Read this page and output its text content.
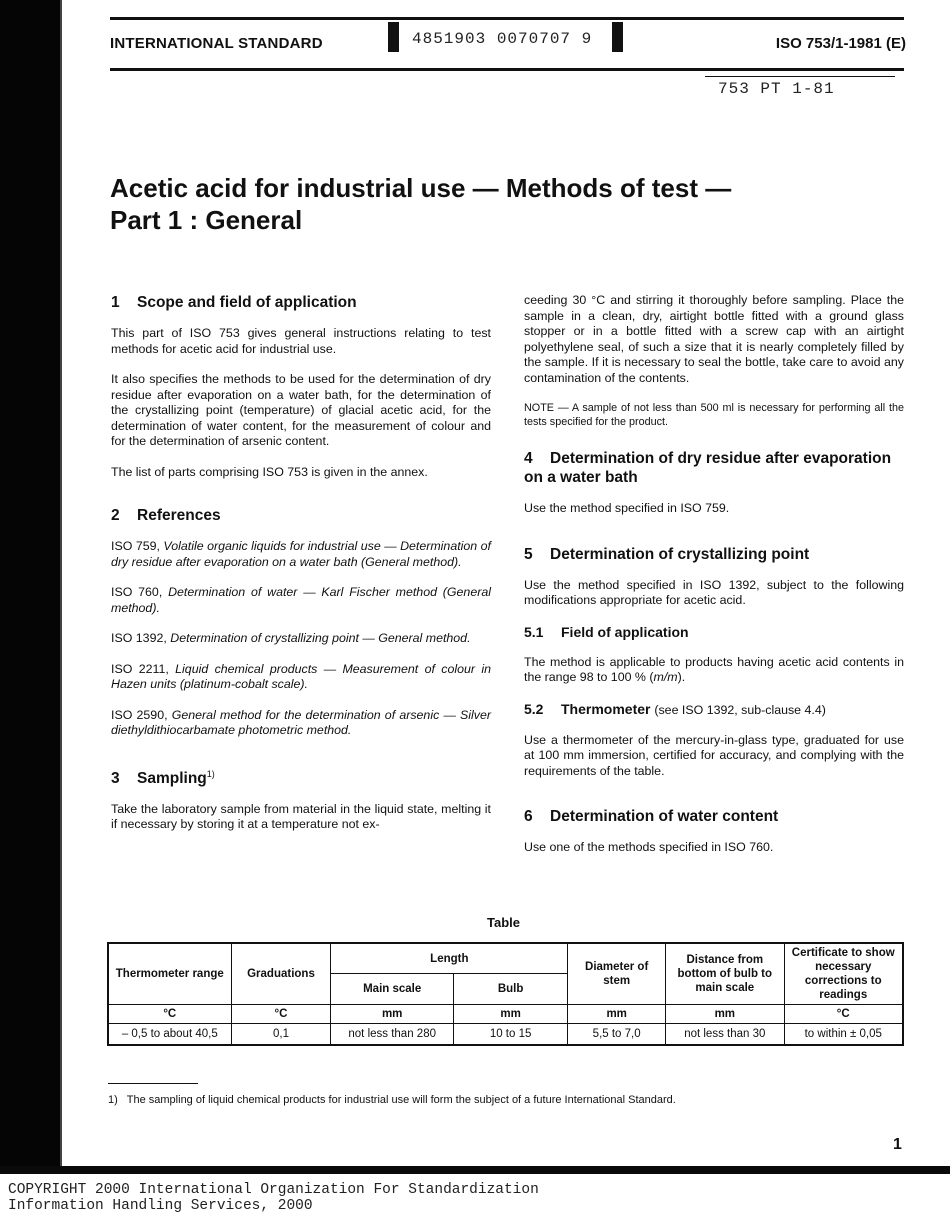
INTERNATIONAL STANDARD	4851903 0070707 9	ISO 753/1-1981 (E)
753 PT 1-81
Acetic acid for industrial use — Methods of test —
Part 1 : General
1 Scope and field of application

This part of ISO 753 gives general instructions relating to test methods for acetic acid for industrial use.

It also specifies the methods to be used for the determination of dry residue after evaporation on a water bath, for the determination of the crystallizing point (temperature) of glacial acetic acid, for the determination of water content, for the measurement of colour and for the determination of arsenic content.

The list of parts comprising ISO 753 is given in the annex.

2 References

ISO 759, Volatile organic liquids for industrial use — Determination of dry residue after evaporation on a water bath (General method).

ISO 760, Determination of water — Karl Fischer method (General method).

ISO 1392, Determination of crystallizing point — General method.

ISO 2211, Liquid chemical products — Measurement of colour in Hazen units (platinum-cobalt scale).

ISO 2590, General method for the determination of arsenic — Silver diethyldithiocarbamate photometric method.

3 Sampling$^{1)}$

Take the laboratory sample from material in the liquid state, melting it if necessary by storing it at a temperature not ex-

ceeding 30 °C and stirring it thoroughly before sampling. Place the sample in a clean, dry, airtight bottle fitted with a ground glass stopper or in a bottle fitted with a screw cap with an airtight polyethylene seal, of such a size that it is nearly completely filled by the sample. If it is necessary to seal the bottle, take care to avoid any contamination of the contents.

NOTE — A sample of not less than 500 ml is necessary for performing all the tests specified for the product.

4 Determination of dry residue after evaporation on a water bath

Use the method specified in ISO 759.

5 Determination of crystallizing point

Use the method specified in ISO 1392, subject to the following modifications appropriate for acetic acid.

5.1 Field of application

The method is applicable to products having acetic acid contents in the range 98 to 100 % (m/m).

5.2 Thermometer (see ISO 1392, sub-clause 4.4)

Use a thermometer of the mercury-in-glass type, graduated for use at 100 mm immersion, certified for accuracy, and complying with the requirements of the table.

6 Determination of water content

Use one of the methods specified in ISO 760.

Table
Thermometer range	Graduations	Length		Diameter of stem	Distance from bottom of bulb to main scale	Certificate to show necessary corrections to readings
		Main scale	Bulb			
°C	°C	mm	mm	mm	mm	°C
– 0,5 to about 40,5	0,1	not less than 280	10 to 15	5,5 to 7,0	not less than 30	to within ± 0,05
1) The sampling of liquid chemical products for industrial use will form the subject of a future International Standard.
1
COPYRIGHT 2000 International Organization For Standardization
Information Handling Services, 2000
